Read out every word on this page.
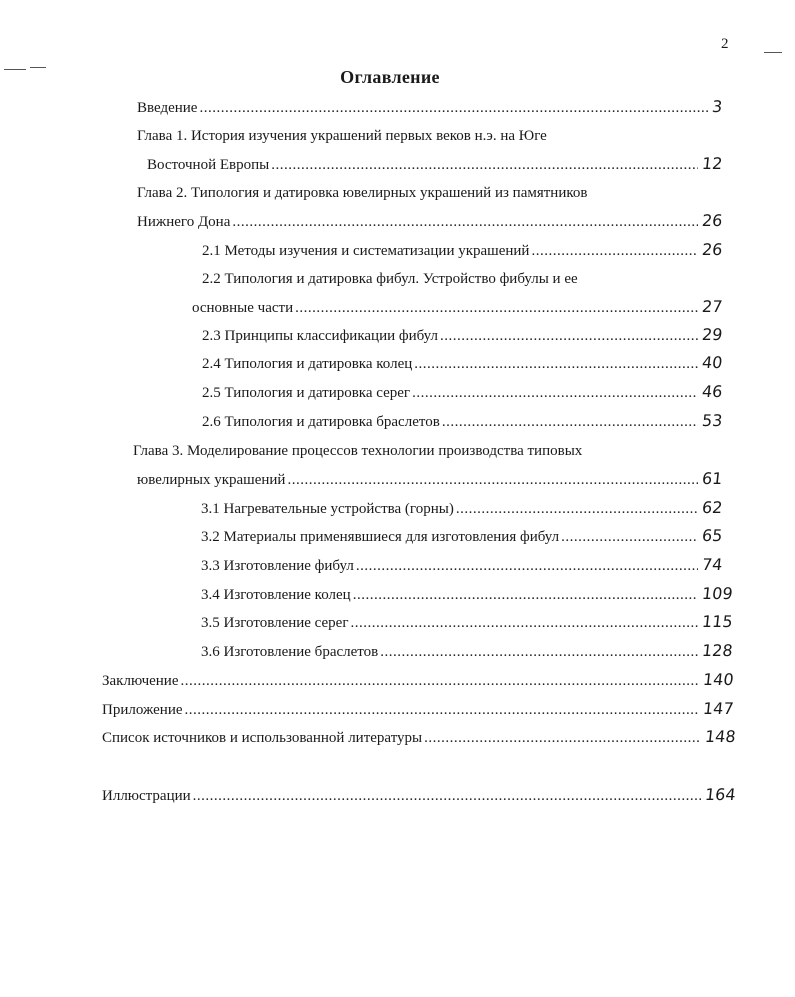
2
Оглавление
Введение .....	3
Глава 1. История изучения украшений первых веков н.э. на Юге
Восточной Европы .....	12
Глава 2. Типология и датировка ювелирных украшений из памятников
Нижнего Дона .....	26
2.1 Методы изучения и систематизации украшений .....	26
2.2 Типология и датировка фибул. Устройство фибулы и ее
основные части .....	27
2.3 Принципы классификации фибул .....	29
2.4 Типология и датировка колец .....	40
2.5 Типология и датировка серег .....	46
2.6 Типология и датировка браслетов .....	53
Глава 3. Моделирование процессов технологии производства типовых
ювелирных украшений .....	61
3.1 Нагревательные устройства (горны) .....	62
3.2 Материалы применявшиеся для изготовления фибул .....	65
3.3 Изготовление фибул .....	74
3.4 Изготовление колец .....	109
3.5 Изготовление серег .....	115
3.6 Изготовление браслетов .....	128
Заключение .....	140
Приложение .....	147
Список источников и использованной литературы .....	148
Иллюстрации .....	164
